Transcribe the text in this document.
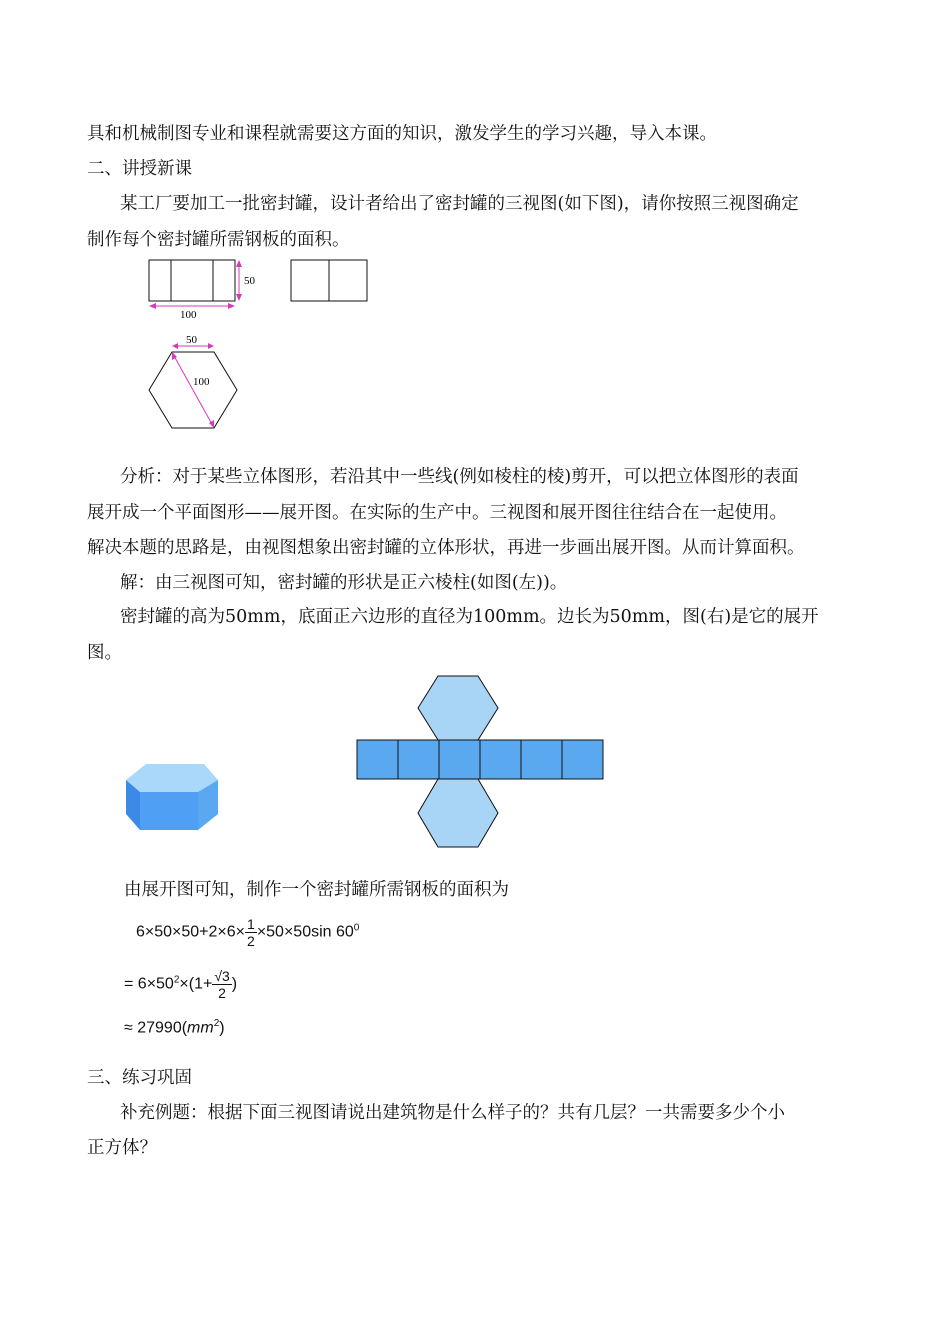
具和机械制图专业和课程就需要这方面的知识，激发学生的学习兴趣，导入本课。
二、讲授新课
某工厂要加工一批密封罐，设计者给出了密封罐的三视图(如下图)，请你按照三视图确定
制作每个密封罐所需钢板的面积。
50
100
50
100
分析：对于某些立体图形，若沿其中一些线(例如棱柱的棱)剪开，可以把立体图形的表面
展开成一个平面图形——展开图。在实际的生产中。三视图和展开图往往结合在一起使用。
解决本题的思路是，由视图想象出密封罐的立体形状，再进一步画出展开图。从而计算面积。
解：由三视图可知，密封罐的形状是正六棱柱(如图(左))。
密封罐的高为50mm，底面正六边形的直径为100mm。边长为50mm，图(右)是它的展开
图。
由展开图可知，制作一个密封罐所需钢板的面积为
$6\times 50\times 50+2\times 6\times \frac{1}{2} \times 50\times 50\sin$ $60^0$
= $6\times 50^2\times(1+ \frac{√3}{2}$ )
≈ $27990(mm^2)$
三、练习巩固
补充例题：根据下面三视图请说出建筑物是什么样子的？共有几层？一共需要多少个小
正方体？
